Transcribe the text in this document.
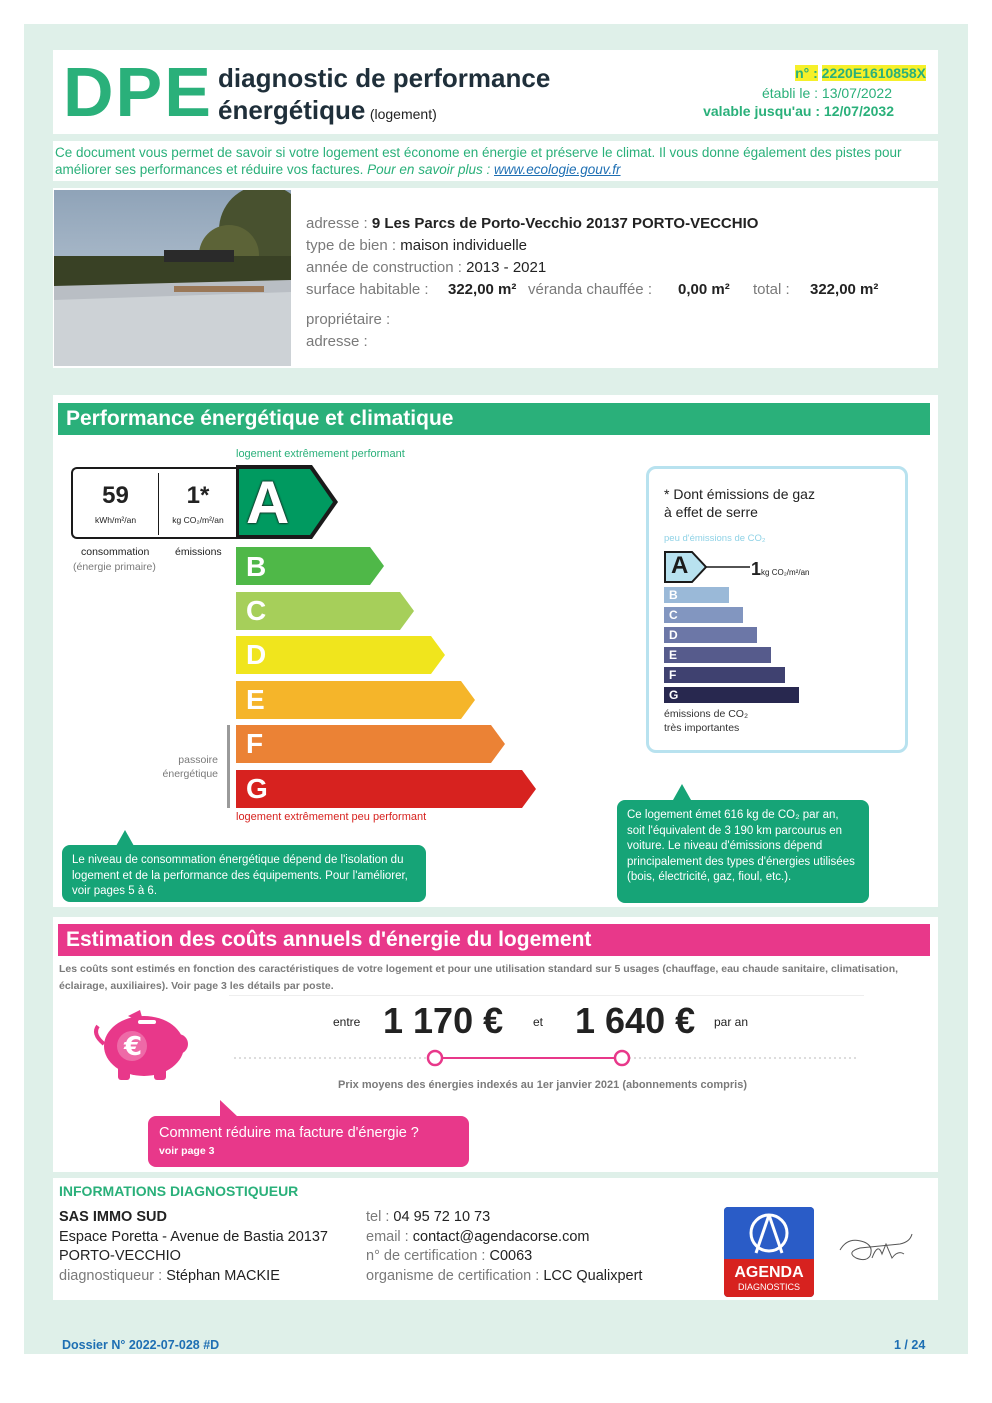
DPE diagnostic de performance
énergétique (logement)
n° : 2220E1610858X
établi le : 13/07/2022
valable jusqu'au : 12/07/2032
Ce document vous permet de savoir si votre logement est économe en énergie et préserve le climat. Il vous donne également des pistes pour améliorer ses performances et réduire vos factures. Pour en savoir plus : www.ecologie.gouv.fr
adresse : 9 Les Parcs de Porto-Vecchio 20137 PORTO-VECCHIO
type de bien : maison individuelle
année de construction : 2013 - 2021
surface habitable : 322,00 m² véranda chauffée : 0,00 m² total : 322,00 m²
propriétaire :
adresse :
Performance énergétique et climatique
logement extrêmement performant
59
kWh/m²/an
1*
kg CO₂/m²/an
consommation
(énergie primaire)
émissions
A
B
C
D
E
F
G
passoire
énergétique
logement extrêmement peu performant
Le niveau de consommation énergétique dépend de l'isolation du logement et de la performance des équipements. Pour l'améliorer, voir pages 5 à 6.
Ce logement émet 616 kg de CO₂ par an, soit l'équivalent de 3 190 km parcourus en voiture. Le niveau d'émissions dépend principalement des types d'énergies utilisées (bois, électricité, gaz, fioul, etc.).
* Dont émissions de gaz
à effet de serre
peu d'émissions de CO₂
A	1kg CO₂/m²/an
B
C
D
E
F
G
émissions de CO₂
très importantes
Estimation des coûts annuels d'énergie du logement
Les coûts sont estimés en fonction des caractéristiques de votre logement et pour une utilisation standard sur 5 usages (chauffage, eau chaude sanitaire, climatisation, éclairage, auxiliaires). Voir page 3 les détails par poste.
€
entre 1 170 € et 1 640 € par an
Prix moyens des énergies indexés au 1er janvier 2021 (abonnements compris)
Comment réduire ma facture d'énergie ?
voir page 3
INFORMATIONS DIAGNOSTIQUEUR
SAS IMMO SUD
Espace Poretta - Avenue de Bastia 20137
PORTO-VECCHIO
diagnostiqueur : Stéphan MACKIE
tel : 04 95 72 10 73
email : contact@agendacorse.com
n° de certification : C0063
organisme de certification : LCC Qualixpert	AGENDA
DIAGNOSTICS
Dossier N° 2022-07-028 #D	1 / 24
